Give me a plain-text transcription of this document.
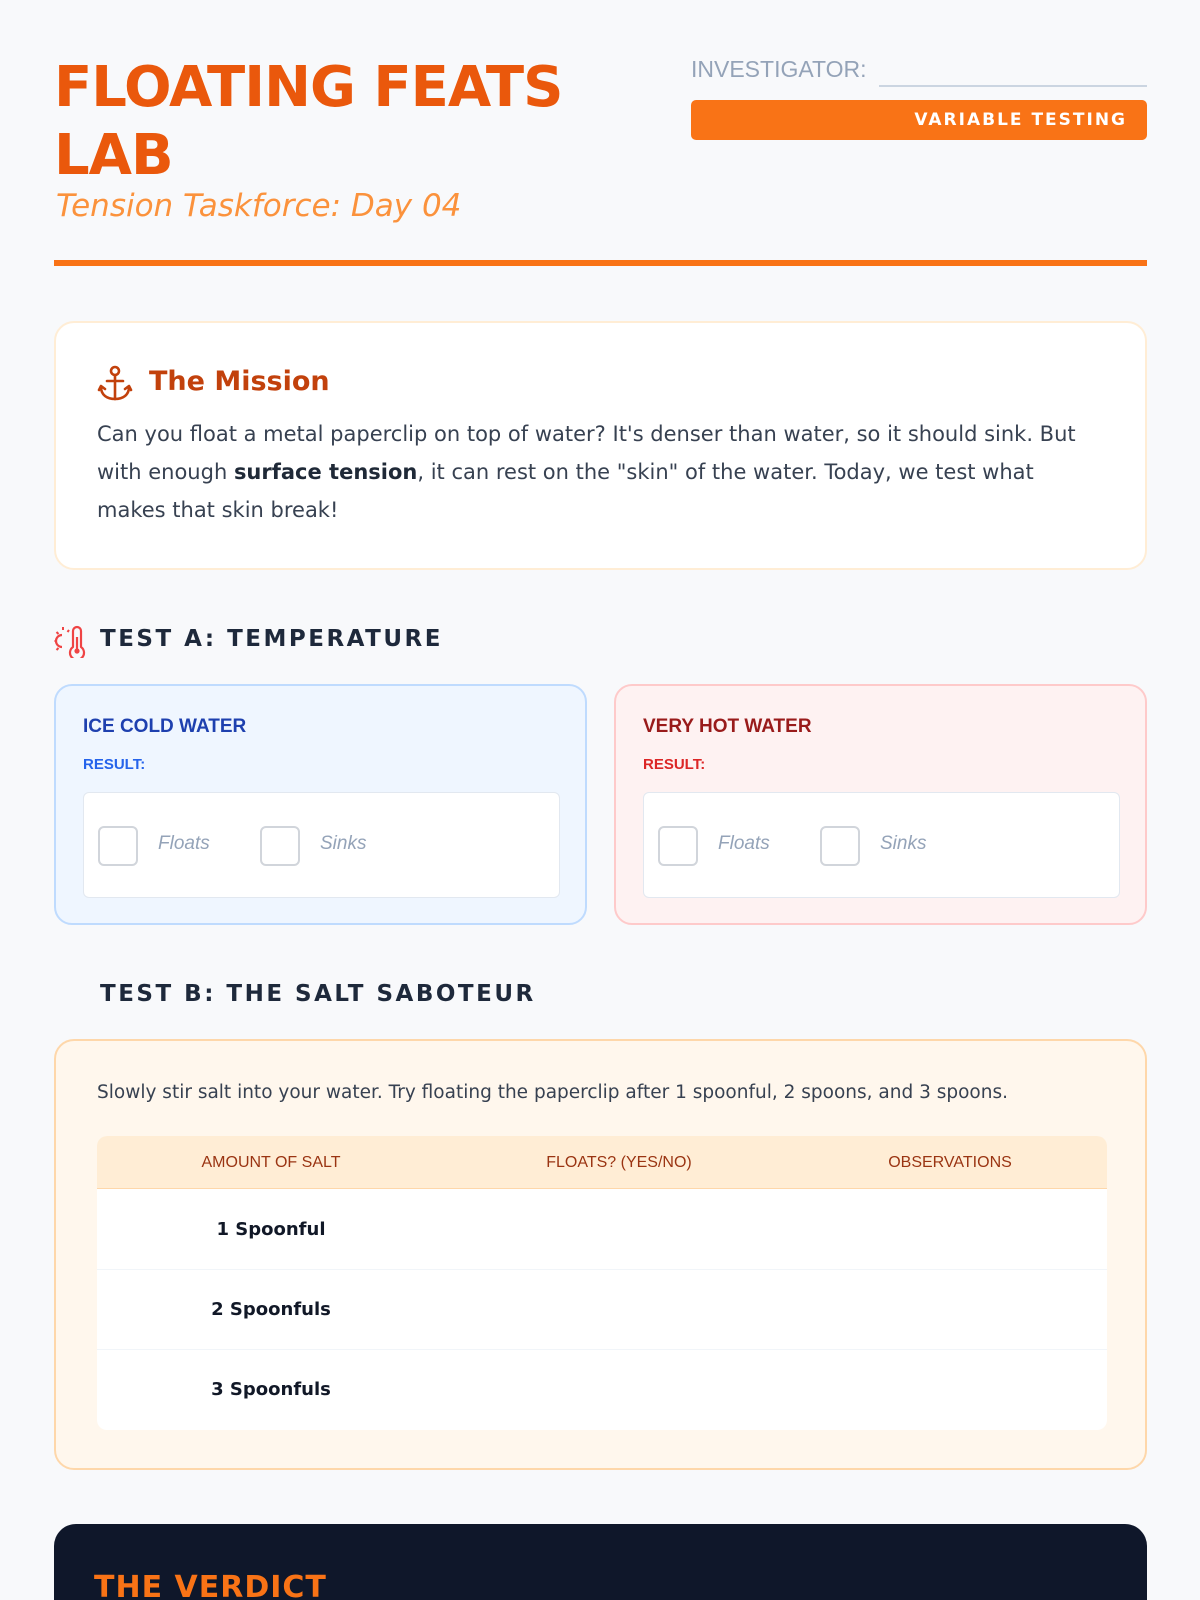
FLOATING FEATS LAB
Tension Taskforce: Day 04
INVESTIGATOR:
VARIABLE TESTING
The Mission

Can you float a metal paperclip on top of water? It's denser than water, so it should sink. But with enough surface tension, it can rest on the "skin" of the water. Today, we test what makes that skin break!

TEST A: TEMPERATURE
ICE COLD WATER
RESULT:
Floats	Sinks
VERY HOT WATER
RESULT:
Floats	Sinks
TEST B: THE SALT SABOTEUR

Slowly stir salt into your water. Try floating the paperclip after 1 spoonful, 2 spoons, and 3 spoons.

AMOUNT OF SALT	FLOATS? (YES/NO)	OBSERVATIONS
1 Spoonful
2 Spoonfuls
3 Spoonfuls
THE VERDICT
